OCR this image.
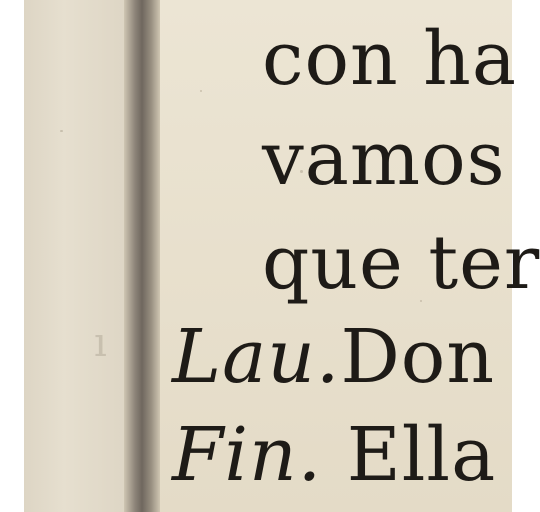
ı
con ha
vamos
que ter
Lau.Don
Fin. Ella
